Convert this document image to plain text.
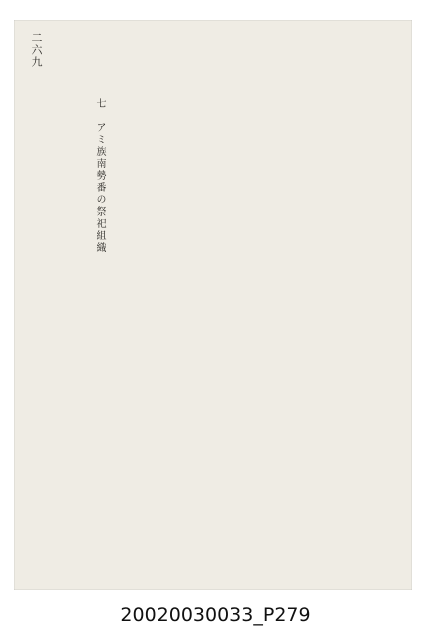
二六九
七　アミ族南勢番の祭祀組織
20020030033_P279
